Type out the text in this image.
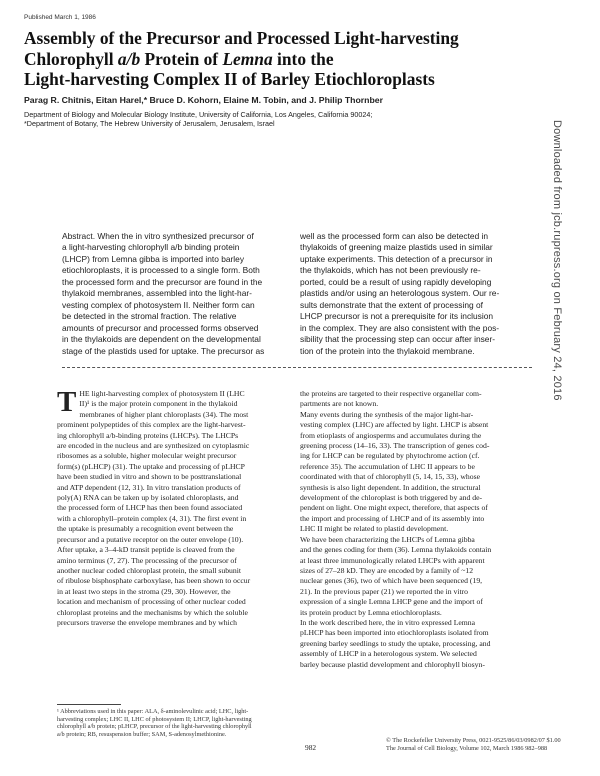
Published March 1, 1986
Assembly of the Precursor and Processed Light-harvesting
Chlorophyll a/b Protein of Lemna into the
Light-harvesting Complex II of Barley Etiochloroplasts

Parag R. Chitnis, Eitan Harel,* Bruce D. Kohorn, Elaine M. Tobin, and J. Philip Thornber

Department of Biology and Molecular Biology Institute, University of California, Los Angeles, California 90024;
*Department of Botany, The Hebrew University of Jerusalem, Jerusalem, Israel
Abstract. When the in vitro synthesized precursor of
a light-harvesting chlorophyll a/b binding protein
(LHCP) from Lemna gibba is imported into barley
etiochloroplasts, it is processed to a single form. Both
the processed form and the precursor are found in the
thylakoid membranes, assembled into the light-har-
vesting complex of photosystem II. Neither form can
be detected in the stromal fraction. The relative
amounts of precursor and processed forms observed
in the thylakoids are dependent on the developmental
stage of the plastids used for uptake. The precursor as
well as the processed form can also be detected in
thylakoids of greening maize plastids used in similar
uptake experiments. This detection of a precursor in
the thylakoids, which has not been previously re-
ported, could be a result of using rapidly developing
plastids and/or using an heterologous system. Our re-
sults demonstrate that the extent of processing of
LHCP precursor is not a prerequisite for its inclusion
in the complex. They are also consistent with the pos-
sibility that the processing step can occur after inser-
tion of the protein into the thylakoid membrane.
T HE light-harvesting complex of photosystem II (LHC
II)¹ is the major protein component in the thylakoid
membranes of higher plant chloroplasts (34). The most
prominent polypeptides of this complex are the light-harvest-
ing chlorophyll a/b-binding proteins (LHCPs). The LHCPs
are encoded in the nucleus and are synthesized on cytoplasmic
ribosomes as a soluble, higher molecular weight precursor
form(s) (pLHCP) (31). The uptake and processing of pLHCP
have been studied in vitro and shown to be posttranslational
and ATP dependent (12, 31). In vitro translation products of
poly(A) RNA can be taken up by isolated chloroplasts, and
the processed form of LHCP has then been found associated
with a chlorophyll–protein complex (4, 31). The first event in
the uptake is presumably a recognition event between the
precursor and a putative receptor on the outer envelope (10).
After uptake, a 3–4-kD transit peptide is cleaved from the
amino terminus (7, 27). The processing of the precursor of
another nuclear coded chloroplast protein, the small subunit
of ribulose bisphosphate carboxylase, has been shown to occur
in at least two steps in the stroma (29, 30). However, the
location and mechanism of processing of other nuclear coded
chloroplast proteins and the mechanisms by which the soluble
precursors traverse the envelope membranes and by which
the proteins are targeted to their respective organellar com-
partments are not known.
Many events during the synthesis of the major light-har-
vesting complex (LHC) are affected by light. LHCP is absent
from etioplasts of angiosperms and accumulates during the
greening process (14–16, 33). The transcription of genes cod-
ing for LHCP can be regulated by phytochrome action (cf.
reference 35). The accumulation of LHC II appears to be
coordinated with that of chlorophyll (5, 14, 15, 33), whose
synthesis is also light dependent. In addition, the structural
development of the chloroplast is both triggered by and de-
pendent on light. One might expect, therefore, that aspects of
the import and processing of LHCP and of its assembly into
LHC II might be related to plastid development.
We have been characterizing the LHCPs of Lemna gibba
and the genes coding for them (36). Lemna thylakoids contain
at least three immunologically related LHCPs with apparent
sizes of 27–28 kD. They are encoded by a family of ~12
nuclear genes (36), two of which have been sequenced (19,
21). In the previous paper (21) we reported the in vitro
expression of a single Lemna LHCP gene and the import of
its protein product by Lemna etiochloroplasts.
In the work described here, the in vitro expressed Lemna
pLHCP has been imported into etiochloroplasts isolated from
greening barley seedlings to study the uptake, processing, and
assembly of LHCP in a heterologous system. We selected
barley because plastid development and chlorophyll biosyn-
¹ Abbreviations used in this paper: ALA, δ-aminolevulinic acid; LHC, light-
harvesting complex; LHC II, LHC of photosystem II; LHCP, light-harvesting
chlorophyll a/b protein; pLHCP, precursor of the light-harvesting chlorophyll
a/b protein; RB, resuspension buffer; SAM, S-adenosylmethionine.
982
© The Rockefeller University Press, 0021-9525/86/03/0982/07 $1.00
The Journal of Cell Biology, Volume 102, March 1986 982–988
Downloaded from jcb.rupress.org on February 24, 2016
